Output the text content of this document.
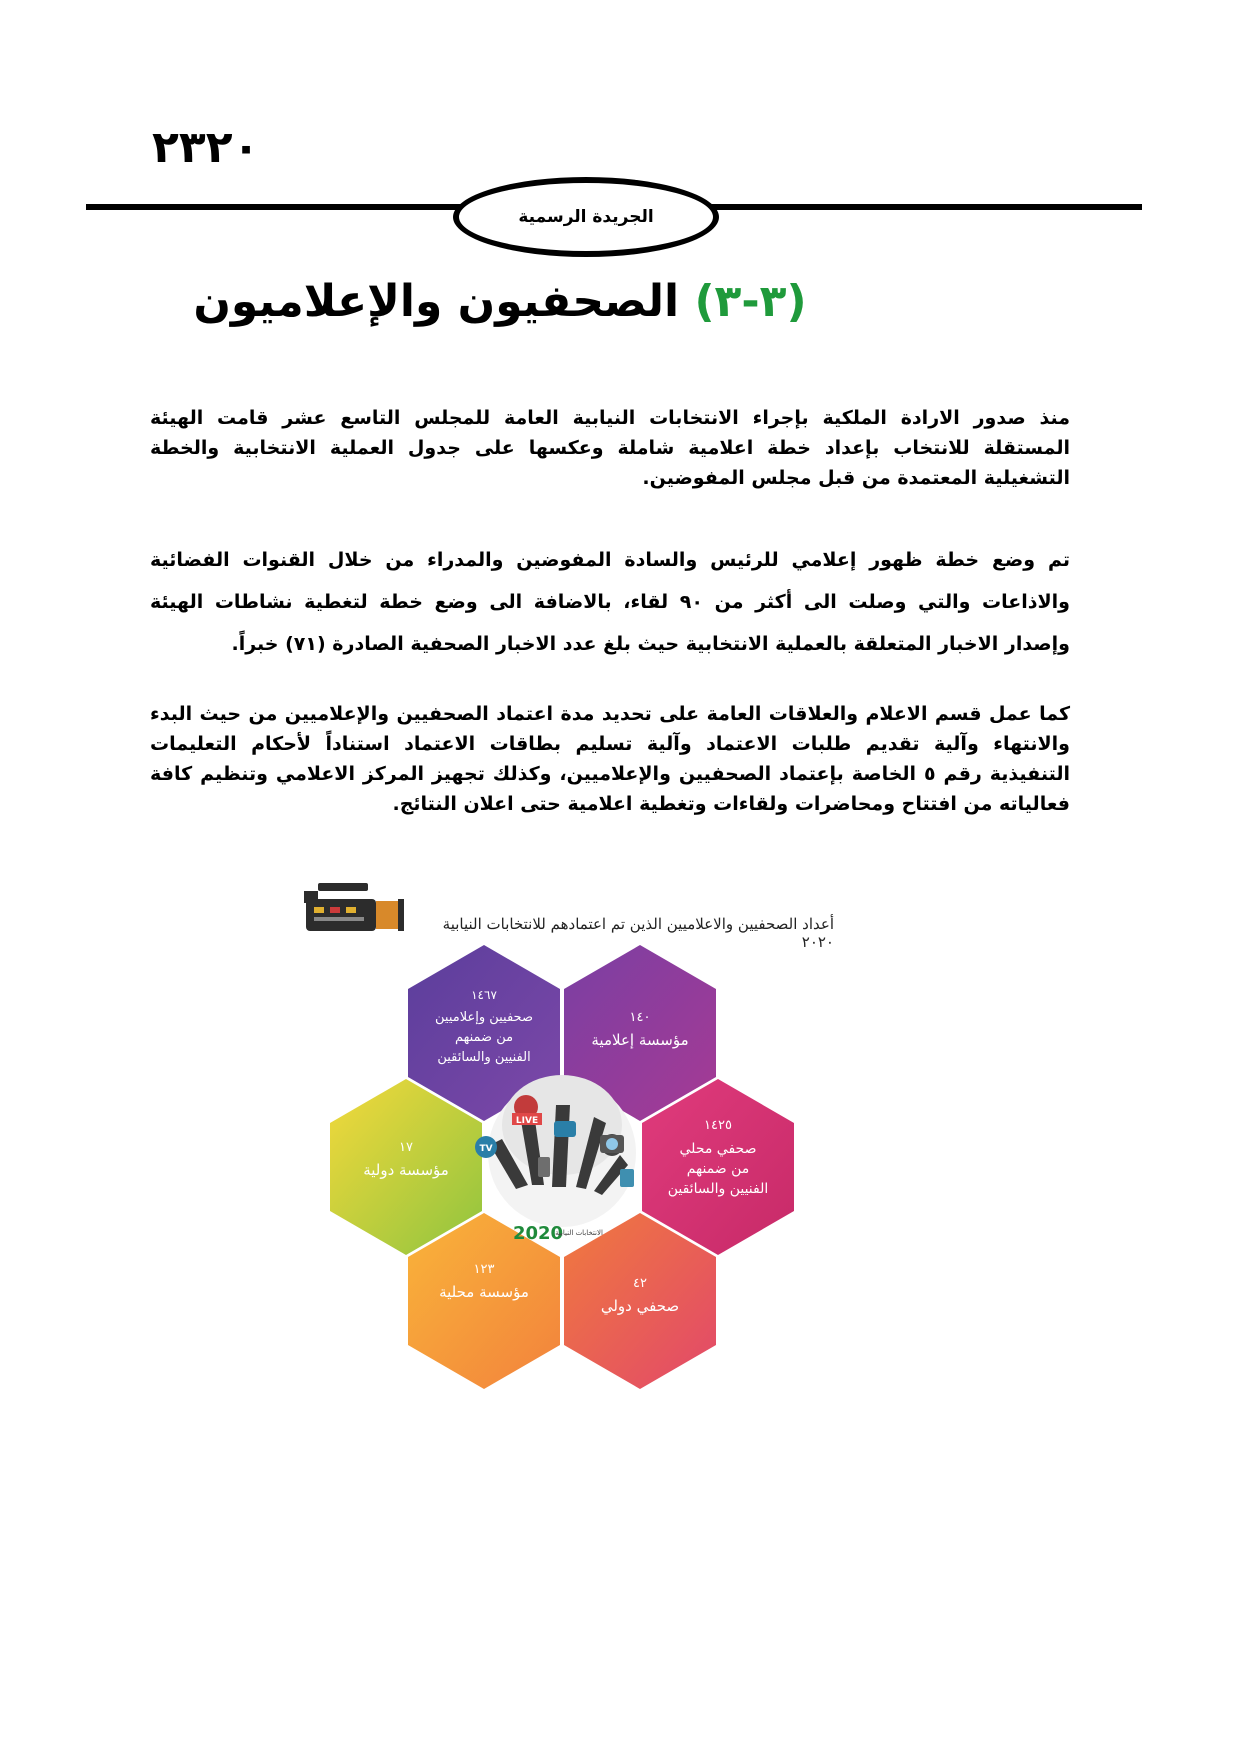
٢٣٢٠
الجريدة الرسمية
(٣-٣) الصحفيون والإعلاميون

منذ صدور الارادة الملكية بإجراء الانتخابات النيابية العامة للمجلس التاسع عشر قامت الهيئة المستقلة للانتخاب بإعداد خطة اعلامية شاملة وعكسها على جدول العملية الانتخابية والخطة التشغيلية المعتمدة من قبل مجلس المفوضين.

تم وضع خطة ظهور إعلامي للرئيس والسادة المفوضين والمدراء من خلال القنوات الفضائية والاذاعات والتي وصلت الى أكثر من ٩٠ لقاء، بالاضافة الى وضع خطة لتغطية نشاطات الهيئة وإصدار الاخبار المتعلقة بالعملية الانتخابية حيث بلغ عدد الاخبار الصحفية الصادرة (٧١) خبراً.

كما عمل قسم الاعلام والعلاقات العامة على تحديد مدة اعتماد الصحفيين والإعلاميين من حيث البدء والانتهاء وآلية تقديم طلبات الاعتماد وآلية تسليم بطاقات الاعتماد استناداً لأحكام التعليمات التنفيذية رقم ٥ الخاصة بإعتماد الصحفيين والإعلاميين، وكذلك تجهيز المركز الاعلامي وتنظيم كافة فعالياته من افتتاح ومحاضرات ولقاءات وتغطية اعلامية حتى اعلان النتائج.

أعداد الصحفيين والاعلاميين الذين تم اعتمادهم للانتخابات النيابية ٢٠٢٠
١٤٦٧
صحفيين وإعلاميين
من ضمنهم
الفنيين والسائقين
١٤٠
مؤسسة إعلامية
١٤٢٥
صحفي محلي
من ضمنهم
الفنيين والسائقين
٤٢
صحفي دولي
١٢٣
مؤسسة محلية
١٧
مؤسسة دولية
LIVE
TV
2020
الانتخابات النيابية
